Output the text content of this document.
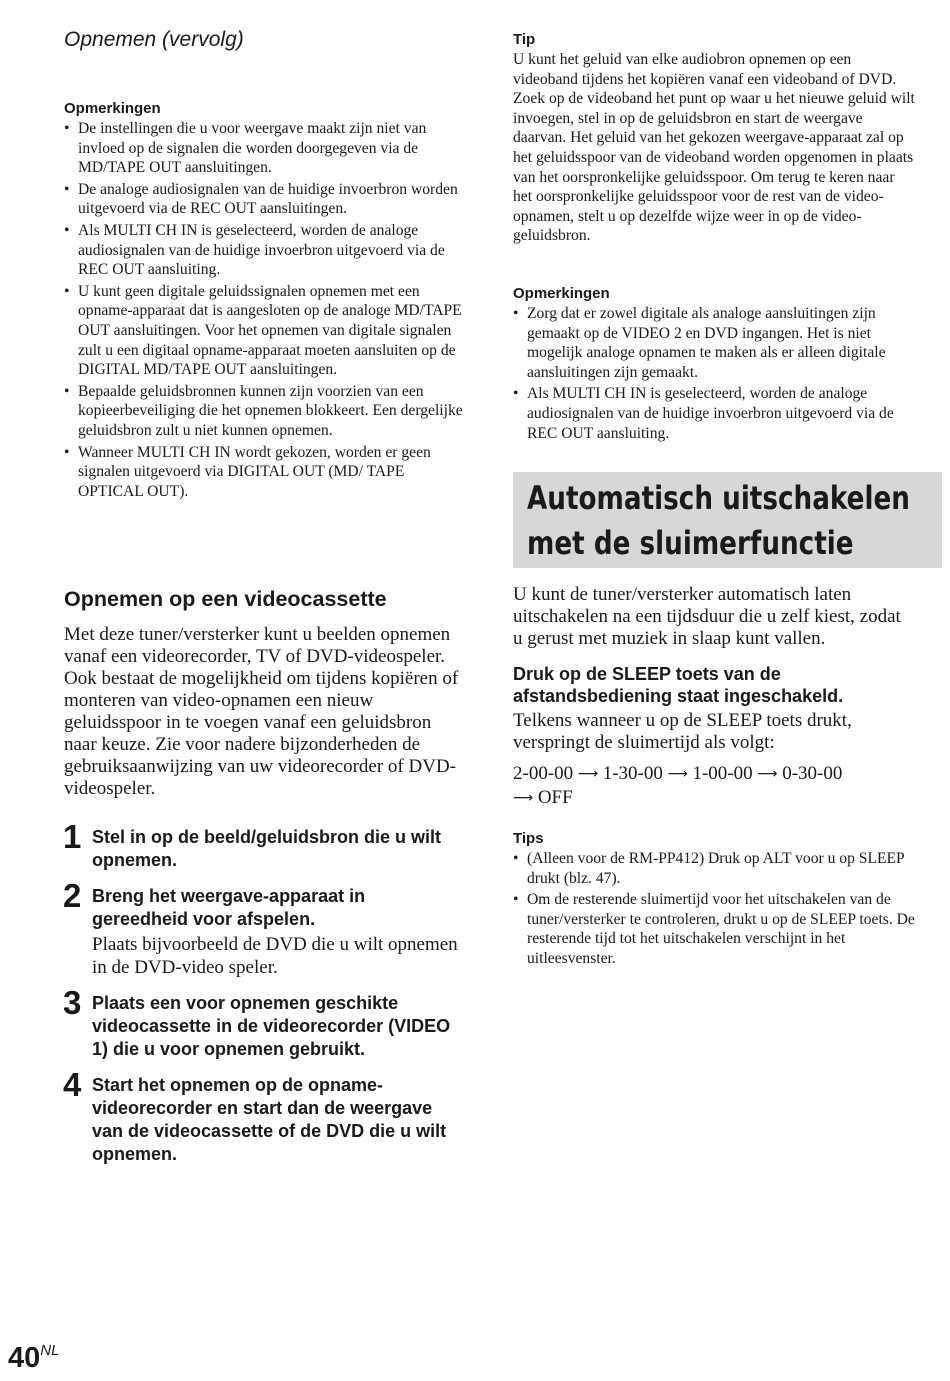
Opnemen (vervolg)
Opmerkingen
• De instellingen die u voor weergave maakt zijn niet van invloed op de signalen die worden doorgegeven via de MD/TAPE OUT aansluitingen.
• De analoge audiosignalen van de huidige invoerbron worden uitgevoerd via de REC OUT aansluitingen.
• Als MULTI CH IN is geselecteerd, worden de analoge audiosignalen van de huidige invoerbron uitgevoerd via de REC OUT aansluiting.
• U kunt geen digitale geluidssignalen opnemen met een opname-apparaat dat is aangesloten op de analoge MD/TAPE OUT aansluitingen. Voor het opnemen van digitale signalen zult u een digitaal opname-apparaat moeten aansluiten op de DIGITAL MD/TAPE OUT aansluitingen.
• Bepaalde geluidsbronnen kunnen zijn voorzien van een kopieerbeveiliging die het opnemen blokkeert. Een dergelijke geluidsbron zult u niet kunnen opnemen.
• Wanneer MULTI CH IN wordt gekozen, worden er geen signalen uitgevoerd via DIGITAL OUT (MD/ TAPE OPTICAL OUT).
Opnemen op een videocassette

Met deze tuner/versterker kunt u beelden opnemen vanaf een videorecorder, TV of DVD-videospeler. Ook bestaat de mogelijkheid om tijdens kopiëren of monteren van video-opnamen een nieuw geluidsspoor in te voegen vanaf een geluidsbron naar keuze. Zie voor nadere bijzonderheden de gebruiksaanwijzing van uw videorecorder of DVD-videospeler.

1 Stel in op de beeld/geluidsbron die u wilt opnemen.

2 Breng het weergave-apparaat in gereedheid voor afspelen.

Plaats bijvoorbeeld de DVD die u wilt opnemen in de DVD-video speler.

3 Plaats een voor opnemen geschikte videocassette in de videorecorder (VIDEO 1) die u voor opnemen gebruikt.

4 Start het opnemen op de opname-videorecorder en start dan de weergave van de videocassette of de DVD die u wilt opnemen.

Tip

U kunt het geluid van elke audiobron opnemen op een videoband tijdens het kopiëren vanaf een videoband of DVD. Zoek op de videoband het punt op waar u het nieuwe geluid wilt invoegen, stel in op de geluidsbron en start de weergave daarvan. Het geluid van het gekozen weergave-apparaat zal op het geluidsspoor van de videoband worden opgenomen in plaats van het oorspronkelijke geluidsspoor. Om terug te keren naar het oorspronkelijke geluidsspoor voor de rest van de video-opnamen, stelt u op dezelfde wijze weer in op de video-geluidsbron.

Opmerkingen
• Zorg dat er zowel digitale als analoge aansluitingen zijn gemaakt op de VIDEO 2 en DVD ingangen. Het is niet mogelijk analoge opnamen te maken als er alleen digitale aansluitingen zijn gemaakt.
• Als MULTI CH IN is geselecteerd, worden de analoge audiosignalen van de huidige invoerbron uitgevoerd via de REC OUT aansluiting.
Automatisch uitschakelen
met de sluimerfunctie

U kunt de tuner/versterker automatisch laten uitschakelen na een tijdsduur die u zelf kiest, zodat u gerust met muziek in slaap kunt vallen.

Druk op de SLEEP toets van de afstandsbediening staat ingeschakeld.

Telkens wanneer u op de SLEEP toets drukt, verspringt de sluimertijd als volgt:

2-00-00 ⟶ 1-30-00 ⟶ 1-00-00 ⟶ 0-30-00
⟶ OFF

Tips
• (Alleen voor de RM-PP412) Druk op ALT voor u op SLEEP drukt (blz. 47).
• Om de resterende sluimertijd voor het uitschakelen van de tuner/versterker te controleren, drukt u op de SLEEP toets. De resterende tijd tot het uitschakelen verschijnt in het uitleesvenster.
$40^{NL}$
